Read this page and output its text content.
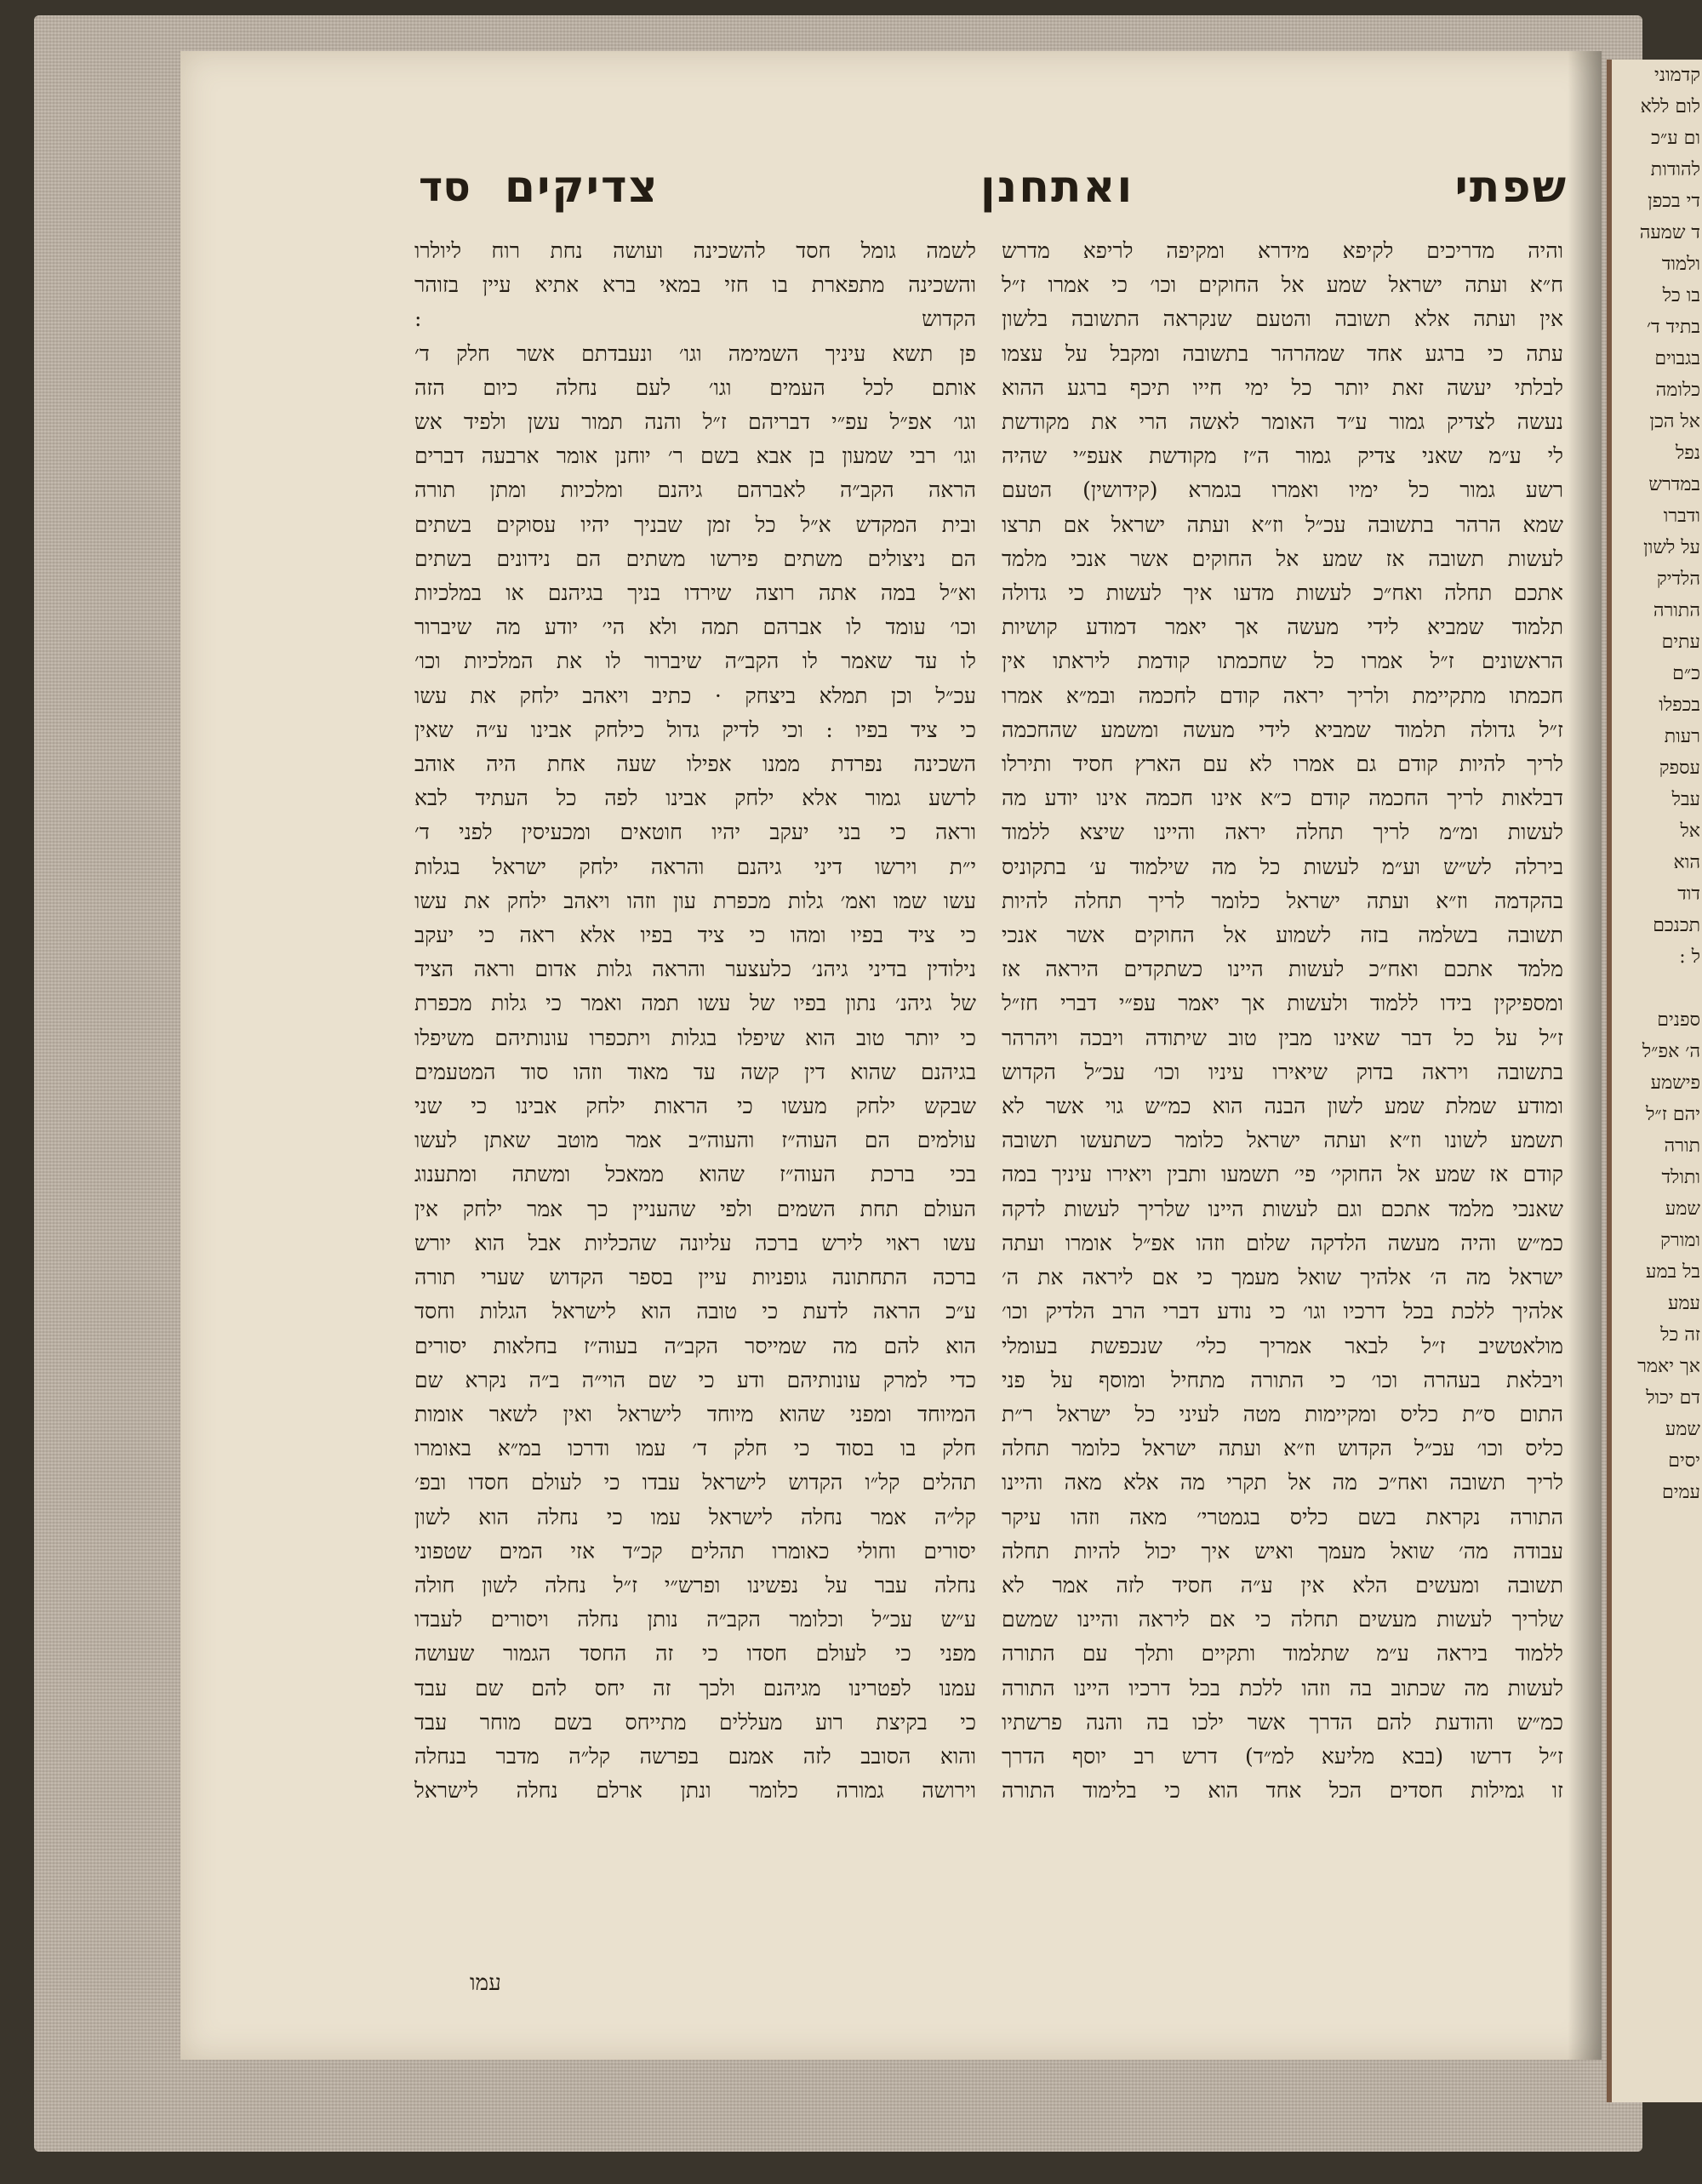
שפתי
ואתחנן
צדיקים
סד
והיה מדריכים לקיפא מידרא ומקיפה לריפא מדרש
ח״א ועתה ישראל שמע אל החוקים וכו׳ כי אמרו ז״ל
אין ועתה אלא תשובה והטעם שנקראה התשובה בלשון
עתה כי ברגע אחד שמהרהר בתשובה ומקבל על עצמו
לבלתי יעשה זאת יותר כל ימי חייו תיכף ברגע ההוא
נעשה לצדיק גמור ע״ד האומר לאשה הרי את מקודשת
לי ע״מ שאני צדיק גמור ה״ז מקודשת אעפ״י שהיה
רשע גמור כל ימיו ואמרו בגמרא (קידושין) הטעם
שמא הרהר בתשובה עכ״ל וז״א ועתה ישראל אם תרצו
לעשות תשובה אז שמע אל החוקים אשר אנכי מלמד
אתכם תחלה ואח״כ לעשות מדעו איך לעשות כי גדולה
תלמוד שמביא לידי מעשה אך יאמר דמודע קושיות
הראשונים ז״ל אמרו כל שחכמתו קודמת ליראתו אין
חכמתו מתקיימת ולריך יראה קודם לחכמה ובמ״א אמרו
ז״ל גדולה תלמוד שמביא לידי מעשה ומשמע שהחכמה
לריך להיות קודם גם אמרו לא עם הארץ חסיד ותירלו
דבלאות לריך החכמה קודם כ״א אינו חכמה אינו יודע מה
לעשות ומ״מ לריך תחלה יראה והיינו שיצא ללמוד
בירלה לש״ש וע״מ לעשות כל מה שילמוד ע׳ בתקוניס
בהקדמה וז״א ועתה ישראל כלומר לריך תחלה להיות
תשובה בשלמה בזה לשמוע אל החוקים אשר אנכי
מלמד אתכם ואח״כ לעשות היינו כשתקדים היראה אז
ומספיקין בידו ללמוד ולעשות אך יאמר עפ״י דברי חז״ל
ז״ל על כל דבר שאינו מבין טוב שיתודה ויבכה ויהרהר
בתשובה ויראה בדוק שיאירו עיניו וכו׳ עכ״ל הקדוש
ומודע שמלת שמע לשון הבנה הוא כמ״ש גוי אשר לא
תשמע לשונו וז״א ועתה ישראל כלומר כשתעשו תשובה
קודם אז שמע אל החוקי׳ פי׳ תשמעו ותבין ויאירו עיניך במה
שאנכי מלמד אתכם וגם לעשות היינו שלריך לעשות לדקה
כמ״ש והיה מעשה הלדקה שלום וזהו אפ״ל אומרו ועתה
ישראל מה ה׳ אלהיך שואל מעמך כי אם ליראה את ה׳
אלהיך ללכת בכל דרכיו וגו׳ כי נודע דברי הרב הלדיק וכו׳
מולאטשיב ז״ל לבאר אמריך כלי׳ שנכפשת בעומלי
ויבלאת בעהרה וכו׳ כי התורה מתחיל ומוסף על פני
התום ס״ת כליס ומקיימות מטה לעיני כל ישראל ר״ת
כליס וכו׳ עכ״ל הקדוש וז״א ועתה ישראל כלומר תחלה
לריך תשובה ואח״כ מה אל תקרי מה אלא מאה והיינו
התורה נקראת בשם כליס בגמטרי׳ מאה וזהו עיקר
עבודה מה׳ שואל מעמך ואיש איך יכול להיות תחלה
תשובה ומעשים הלא אין ע״ה חסיד לזה אמר לא
שלריך לעשות מעשים תחלה כי אם ליראה והיינו שמשם
ללמוד ביראה ע״מ שתלמוד ותקיים ותלך עם התורה
לעשות מה שכתוב בה וזהו ללכת בכל דרכיו היינו התורה
כמ״ש והודעת להם הדרך אשר ילכו בה והנה פרשתיו
ז״ל דרשו (בבא מליעא למ״ד) דרש רב יוסף הדרך
זו גמילות חסדים הכל אחד הוא כי בלימוד התורה
לשמה גומל חסד להשכינה ועושה נחת רוח ליולרו
והשכינה מתפארת בו חזי במאי ברא אתיא עיין בזוהר
הקדוש :
פן תשא עיניך השמימה וגו׳ ונעבדתם אשר חלק ד׳
אותם לכל העמים וגו׳ לעם נחלה כיום הזה
וגו׳ אפ״ל עפ״י דבריהם ז״ל והנה תמור עשן ולפיד אש
וגו׳ רבי שמעון בן אבא בשם ר׳ יוחנן אומר ארבעה דברים
הראה הקב״ה לאברהם גיהנם ומלכיות ומתן תורה
ובית המקדש א״ל כל זמן שבניך יהיו עסוקים בשתים
הם ניצולים משתים פירשו משתים הם נידונים בשתים
וא״ל במה אתה רוצה שירדו בניך בגיהנם או במלכיות
וכו׳ עומד לו אברהם תמה ולא הי׳ יודע מה שיברור
לו עד שאמר לו הקב״ה שיברור לו את המלכיות וכו׳
עכ״ל וכן תמלא ביצחק · כתיב ויאהב ילחק את עשו
כי ציד בפיו : וכי לדיק גדול כילחק אבינו ע״ה שאין
השכינה נפרדת ממנו אפילו שעה אחת היה אוהב
לרשע גמור אלא ילחק אבינו לפה כל העתיד לבא
וראה כי בני יעקב יהיו חוטאים ומכעיסין לפני ד׳
י״ת וירשו דיני גיהנם והראה ילחק ישראל בגלות
עשו שמו ואמ׳ גלות מכפרת עון וזהו ויאהב ילחק את עשו
כי ציד בפיו ומהו כי ציד בפיו אלא ראה כי יעקב
נילודין בדיני גיהנ׳ כלעצער והראה גלות אדום וראה הציד
של גיהנ׳ נתון בפיו של עשו תמה ואמר כי גלות מכפרת
כי יותר טוב הוא שיפלו בגלות ויתכפרו עונותיהם משיפלו
בגיהנם שהוא דין קשה עד מאוד וזהו סוד המטעמים
שבקש ילחק מעשו כי הראות ילחק אבינו כי שני
עולמים הם העוה״ז והעוה״ב אמר מוטב שאתן לעשו
בכי ברכת העוה״ז שהוא ממאכל ומשתה ומתענוג
העולם תחת השמים ולפי שהעניין כך אמר ילחק אין
עשו ראוי לירש ברכה עליונה שהכליות אבל הוא יורש
ברכה התחתונה גופניות עיין בספר הקדוש שערי תורה
ע״כ הראה לדעת כי טובה הוא לישראל הגלות וחסד
הוא להם מה שמייסר הקב״ה בעוה״ז בחלאות יסורים
כדי למרק עונותיהם ודע כי שם הוי״ה ב״ה נקרא שם
המיוחד ומפני שהוא מיוחד לישראל ואין לשאר אומות
חלק בו בסוד כי חלק ד׳ עמו ודרכו במ״א באומרו
תהלים קל״ו הקדוש לישראל עבדו כי לעולם חסדו ובפ׳
קל״ה אמר נחלה לישראל עמו כי נחלה הוא לשון
יסורים וחולי כאומרו תהלים קכ״ד אזי המים שטפוני
נחלה עבר על נפשינו ופרש״י ז״ל נחלה לשון חולה
ע״ש עכ״ל וכלומר הקב״ה נותן נחלה ויסורים לעבדו
מפני כי לעולם חסדו כי זה החסד הגמור שעושה
עמנו לפטרינו מגיהנם ולכך זה יחס להם שם עבד
כי בקיצת רוע מעללים מתייחס בשם מוחר עבד
והוא הסובב לזה אמנם בפרשה קל״ה מדבר בנחלה
וירושה גמורה כלומר ונתן ארלם נחלה לישראל
עמו
קדמוני
לום ללא
ום ע״כ
להודות
די בכפן
ד שמעה
ולמוד
בו כל
בתיד ד׳
בגבוים
כלומה
אל הכן
נפל
במדרש
ודברו
על לשון
הלדיק
התורה
עתים
כ״ם
בכפלו
רעות
עספק
עבל
אל
הוא
דוד
תכנכם
ל :

ספנים
ה׳ אפ״ל
פישמע
יהם ז״ל
תורה
ותולד
שמע
ומורק
בל במע
עמע
זה כל
אך יאמר
דם יכול
שמע
יסים
עמים
